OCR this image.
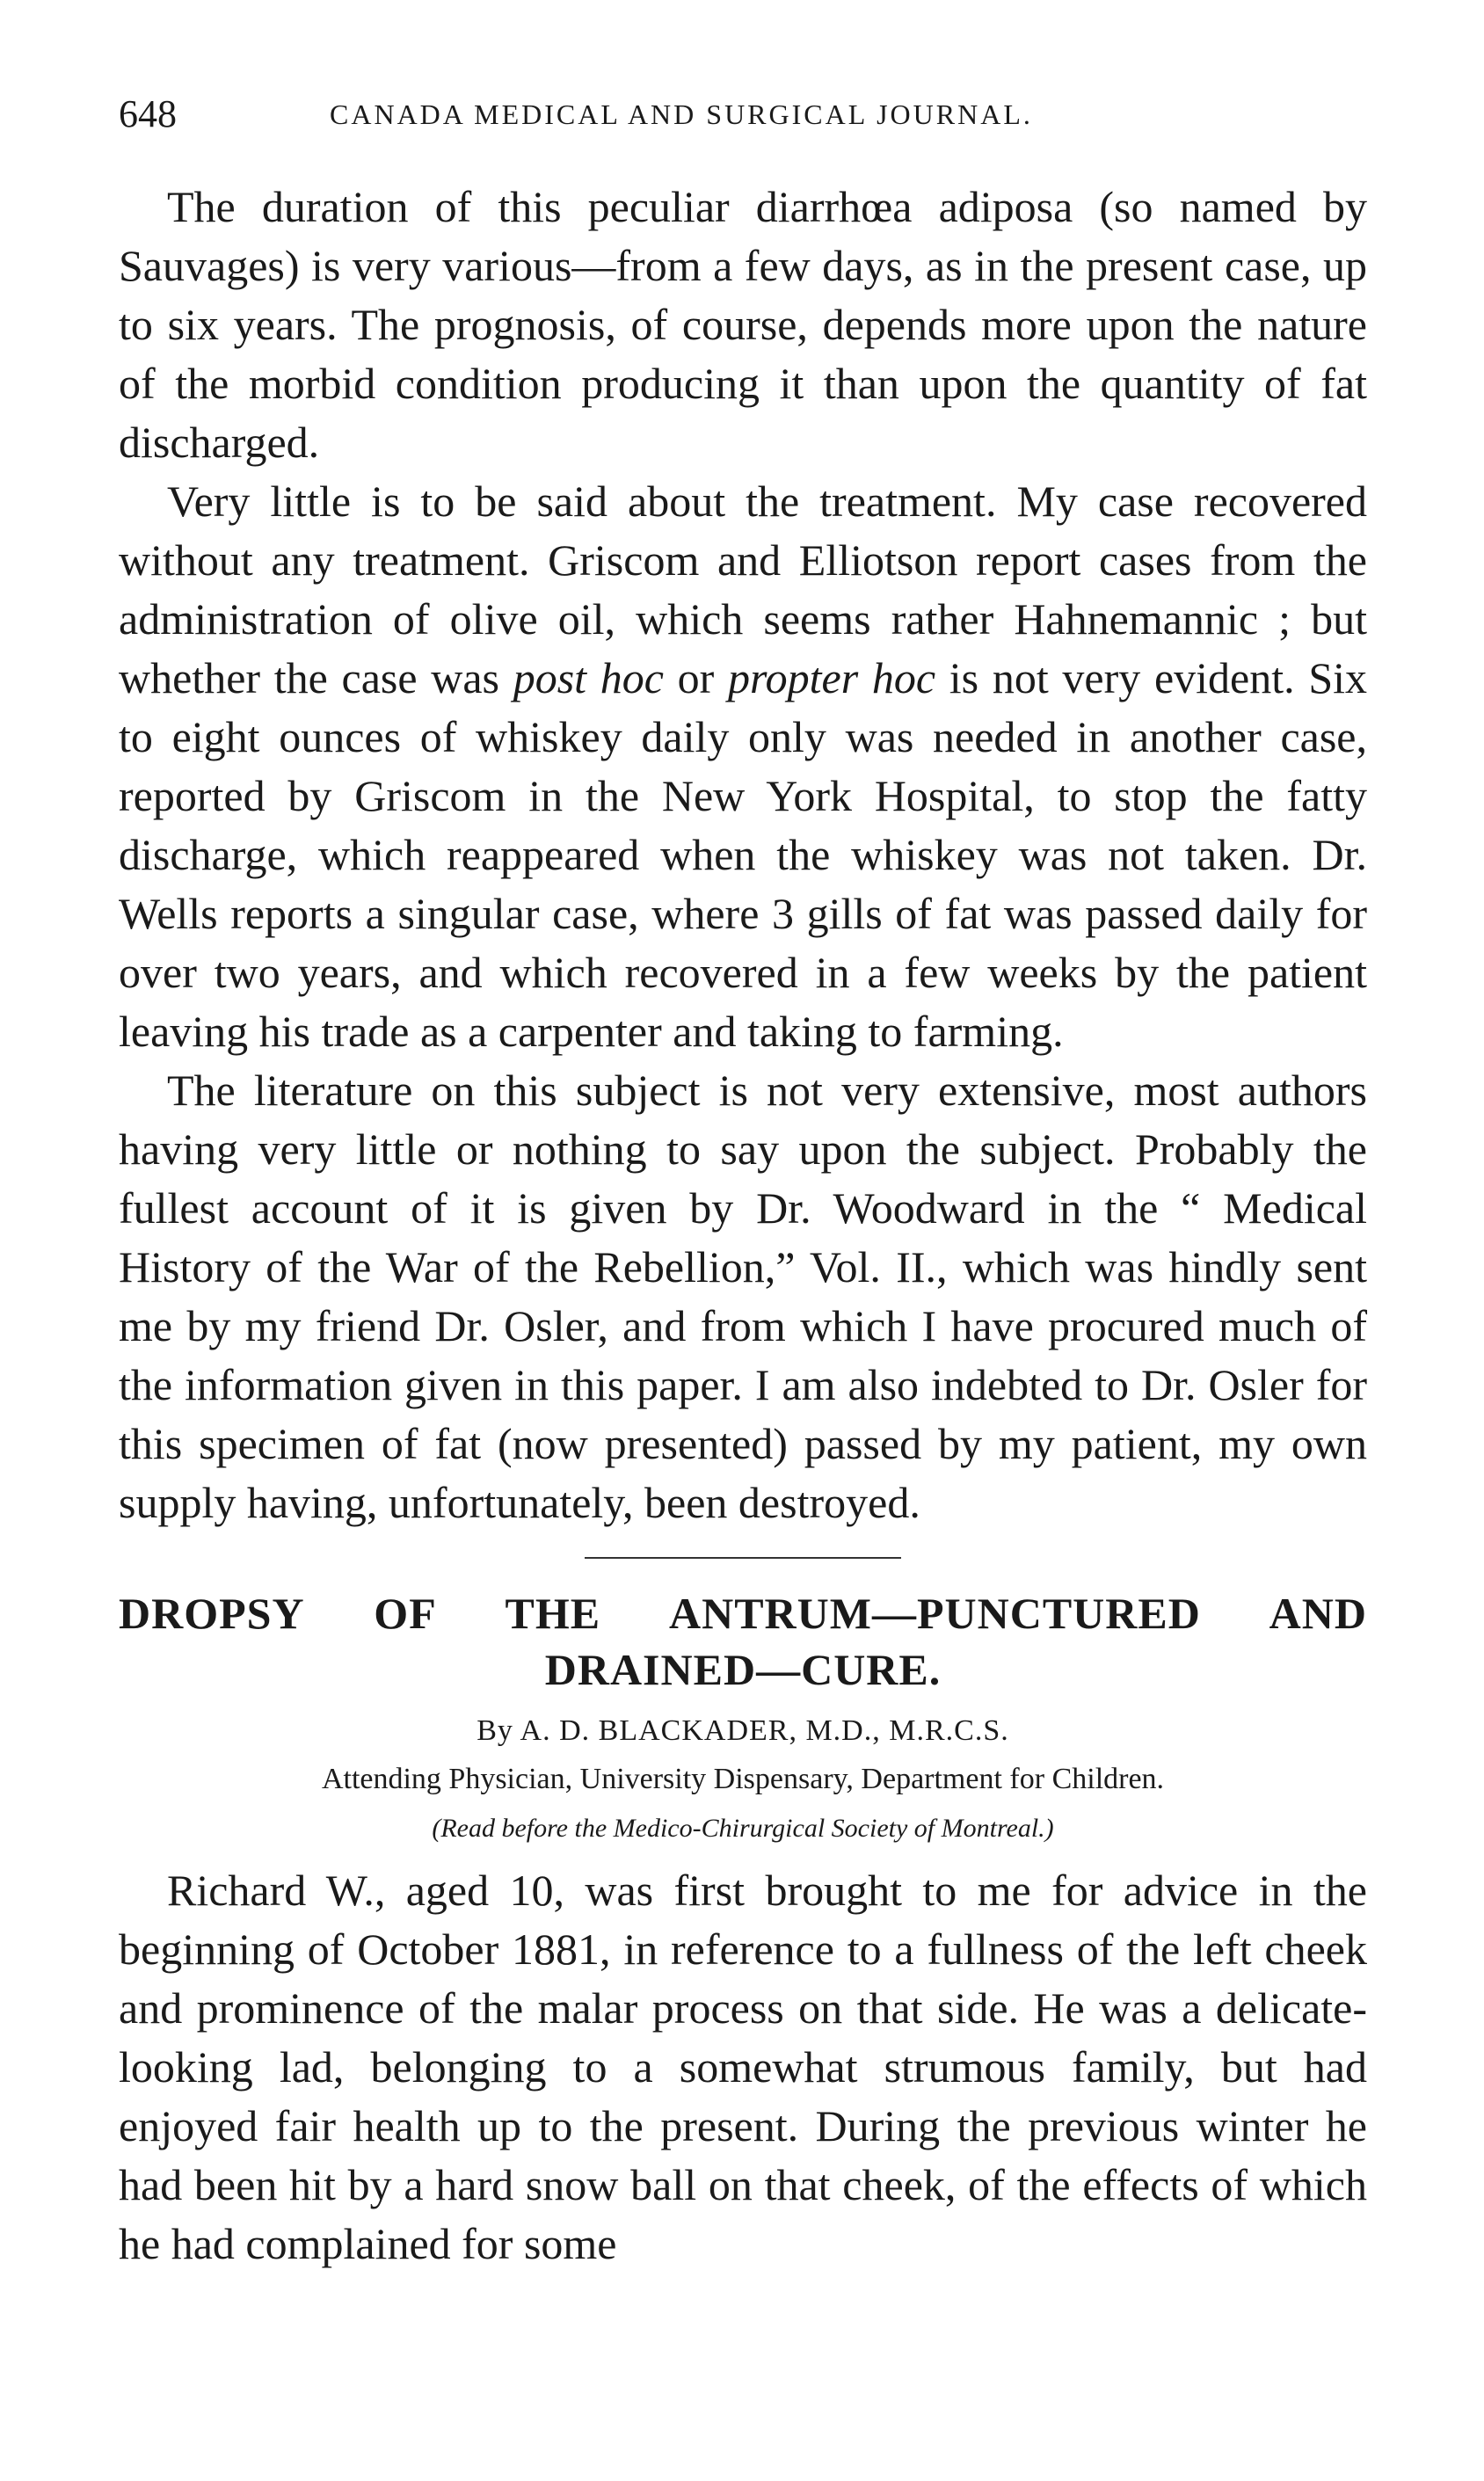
648	CANADA MEDICAL AND SURGICAL JOURNAL.

The duration of this peculiar diarrhœa adiposa (so named by Sauvages) is very various—from a few days, as in the present case, up to six years. The prognosis, of course, depends more upon the nature of the morbid condition producing it than upon the quantity of fat discharged.

Very little is to be said about the treatment. My case recovered without any treatment. Griscom and Elliotson report cases from the administration of olive oil, which seems rather Hahnemannic ; but whether the case was post hoc or propter hoc is not very evident. Six to eight ounces of whiskey daily only was needed in another case, reported by Griscom in the New York Hospital, to stop the fatty discharge, which reappeared when the whiskey was not taken. Dr. Wells reports a singular case, where 3 gills of fat was passed daily for over two years, and which recovered in a few weeks by the patient leaving his trade as a carpenter and taking to farming.

The literature on this subject is not very extensive, most authors having very little or nothing to say upon the subject. Probably the fullest account of it is given by Dr. Woodward in the “ Medical History of the War of the Rebellion,” Vol. II., which was hindly sent me by my friend Dr. Osler, and from which I have procured much of the information given in this paper. I am also indebted to Dr. Osler for this specimen of fat (now presented) passed by my patient, my own supply having, unfortunately, been destroyed.

DROPSY OF THE ANTRUM—PUNCTURED AND
DRAINED—CURE.

By A. D. BLACKADER, M.D., M.R.C.S.

Attending Physician, University Dispensary, Department for Children.

(Read before the Medico-Chirurgical Society of Montreal.)

Richard W., aged 10, was first brought to me for advice in the beginning of October 1881, in reference to a fullness of the left cheek and prominence of the malar process on that side. He was a delicate-looking lad, belonging to a somewhat strumous family, but had enjoyed fair health up to the present. During the previous winter he had been hit by a hard snow ball on that cheek, of the effects of which he had complained for some
